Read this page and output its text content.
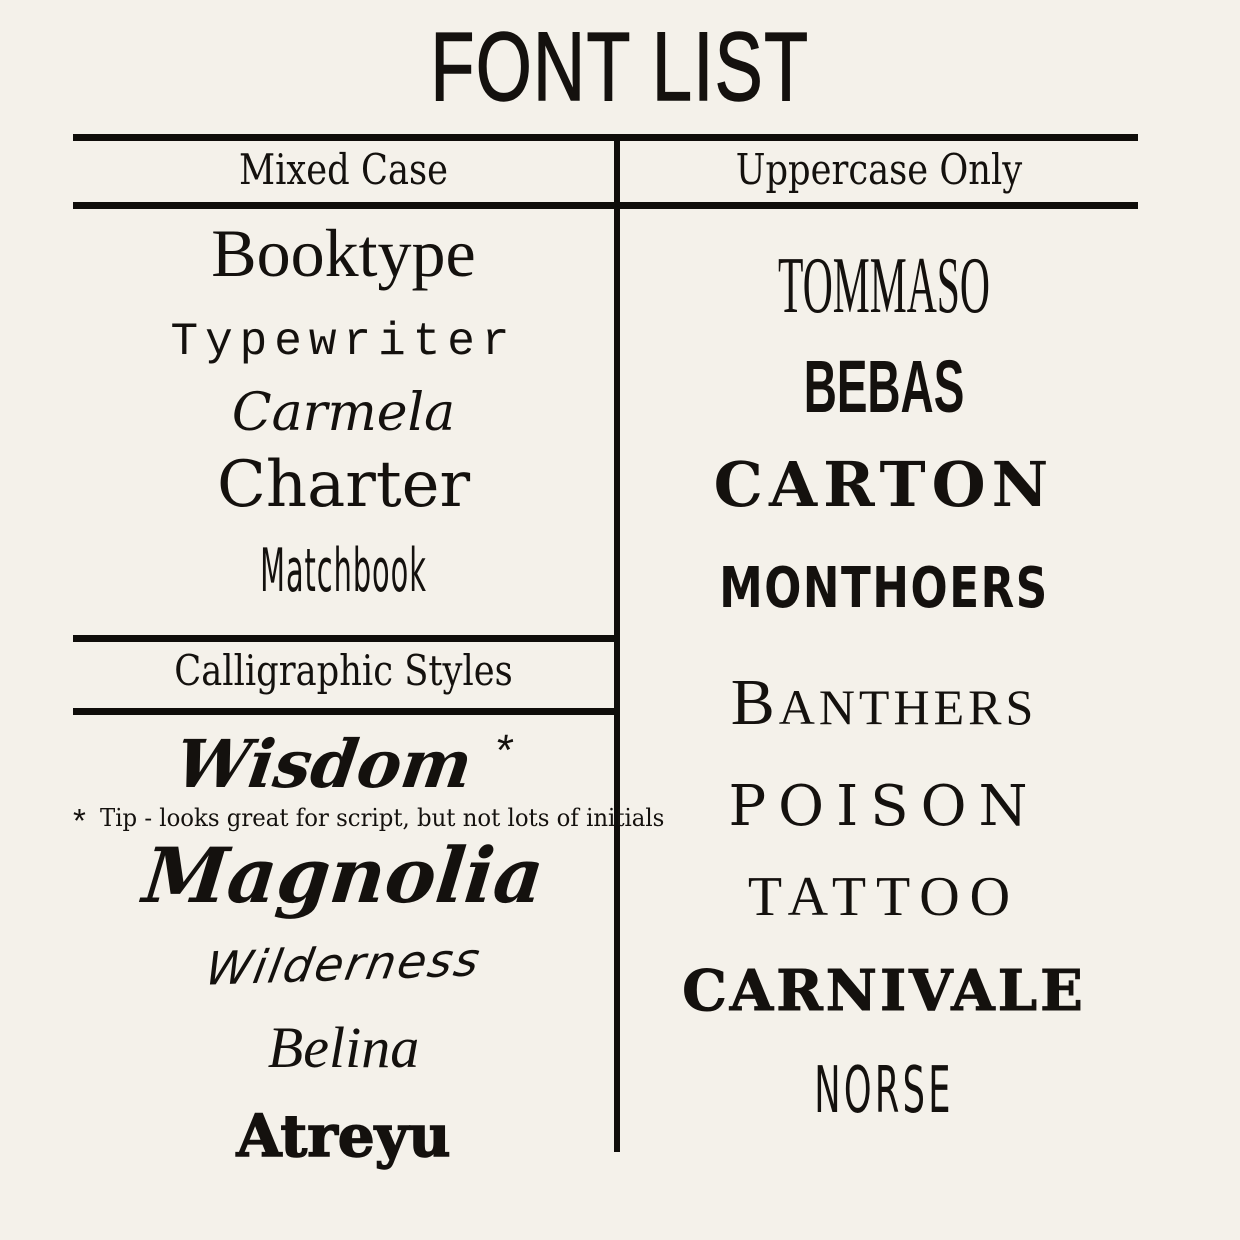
FONT LIST
Mixed Case	Uppercase Only
Calligraphic Styles
Booktype
Typewriter
Carmela
Charter
Matchbook
Wisdom *
* Tip - looks great for script, but not lots of initials
Magnolia
Wilderness
Belina
Atreyu
TOMMASO
BEBAS
CARTON
MONTHOERS
BANTHERS
POISON
TATTOO
CARNIVALE
NORSE
